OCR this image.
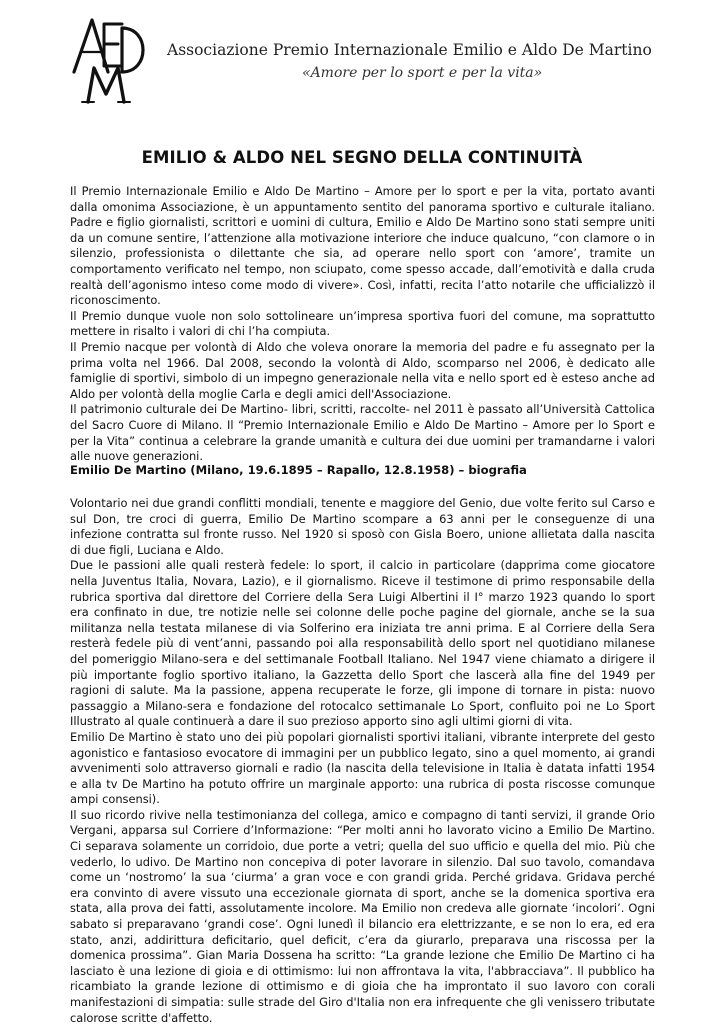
Associazione Premio Internazionale Emilio e Aldo De Martino
«Amore per lo sport e per la vita»
EMILIO & ALDO NEL SEGNO DELLA CONTINUITÀ

Il Premio Internazionale Emilio e Aldo De Martino – Amore per lo sport e per la vita, portato avanti dalla omonima Associazione, è un appuntamento sentito del panorama sportivo e culturale italiano. Padre e figlio giornalisti, scrittori e uomini di cultura, Emilio e Aldo De Martino sono stati sempre uniti da un comune sentire, l’attenzione alla motivazione interiore che induce qualcuno, “con clamore o in silenzio, professionista o dilettante che sia, ad operare nello sport con ‘amore’, tramite un comportamento verificato nel tempo, non sciupato, come spesso accade, dall’emotività e dalla cruda realtà dell’agonismo inteso come modo di vivere». Così, infatti, recita l’atto notarile che ufficializzò il riconoscimento.

Il Premio dunque vuole non solo sottolineare un’impresa sportiva fuori del comune, ma soprattutto mettere in risalto i valori di chi l’ha compiuta.

Il Premio nacque per volontà di Aldo che voleva onorare la memoria del padre e fu assegnato per la prima volta nel 1966. Dal 2008, secondo la volontà di Aldo, scomparso nel 2006, è dedicato alle famiglie di sportivi, simbolo di un impegno generazionale nella vita e nello sport ed è esteso anche ad Aldo per volontà della moglie Carla e degli amici dell'Associazione.

Il patrimonio culturale dei De Martino- libri, scritti, raccolte- nel 2011 è passato all’Università Cattolica del Sacro Cuore di Milano. Il “Premio Internazionale Emilio e Aldo De Martino – Amore per lo Sport e per la Vita” continua a celebrare la grande umanità e cultura dei due uomini per tramandarne i valori alle nuove generazioni.

Emilio De Martino (Milano, 19.6.1895 – Rapallo, 12.8.1958) – biografia

Volontario nei due grandi conflitti mondiali, tenente e maggiore del Genio, due volte ferito sul Carso e sul Don, tre croci di guerra, Emilio De Martino scompare a 63 anni per le conseguenze di una infezione contratta sul fronte russo. Nel 1920 si sposò con Gisla Boero, unione allietata dalla nascita di due figli, Luciana e Aldo.

Due le passioni alle quali resterà fedele: lo sport, il calcio in particolare (dapprima come giocatore nella Juventus Italia, Novara, Lazio), e il giornalismo. Riceve il testimone di primo responsabile della rubrica sportiva dal direttore del Corriere della Sera Luigi Albertini il I° marzo 1923 quando lo sport era confinato in due, tre notizie nelle sei colonne delle poche pagine del giornale, anche se la sua militanza nella testata milanese di via Solferino era iniziata tre anni prima. E al Corriere della Sera resterà fedele più di vent’anni, passando poi alla responsabilità dello sport nel quotidiano milanese del pomeriggio Milano-sera e del settimanale Football Italiano. Nel 1947 viene chiamato a dirigere il più importante foglio sportivo italiano, la Gazzetta dello Sport che lascerà alla fine del 1949 per ragioni di salute. Ma la passione, appena recuperate le forze, gli impone di tornare in pista: nuovo passaggio a Milano-sera e fondazione del rotocalco settimanale Lo Sport, confluito poi ne Lo Sport Illustrato al quale continuerà a dare il suo prezioso apporto sino agli ultimi giorni di vita.

Emilio De Martino è stato uno dei più popolari giornalisti sportivi italiani, vibrante interprete del gesto agonistico e fantasioso evocatore di immagini per un pubblico legato, sino a quel momento, ai grandi avvenimenti solo attraverso giornali e radio (la nascita della televisione in Italia è datata infatti 1954 e alla tv De Martino ha potuto offrire un marginale apporto: una rubrica di posta riscosse comunque ampi consensi).

Il suo ricordo rivive nella testimonianza del collega, amico e compagno di tanti servizi, il grande Orio Vergani, apparsa sul Corriere d’Informazione: “Per molti anni ho lavorato vicino a Emilio De Martino. Ci separava solamente un corridoio, due porte a vetri; quella del suo ufficio e quella del mio. Più che vederlo, lo udivo. De Martino non concepiva di poter lavorare in silenzio. Dal suo tavolo, comandava come un ‘nostromo’ la sua ‘ciurma’ a gran voce e con grandi grida. Perché gridava. Gridava perché era convinto di avere vissuto una eccezionale giornata di sport, anche se la domenica sportiva era stata, alla prova dei fatti, assolutamente incolore. Ma Emilio non credeva alle giornate ‘incolori’. Ogni sabato si preparavano ‘grandi cose’. Ogni lunedì il bilancio era elettrizzante, e se non lo era, ed era stato, anzi, addirittura deficitario, quel deficit, c’era da giurarlo, preparava una riscossa per la domenica prossima”. Gian Maria Dossena ha scritto: “La grande lezione che Emilio De Martino ci ha lasciato è una lezione di gioia e di ottimismo: lui non affrontava la vita, l'abbracciava”. Il pubblico ha ricambiato la grande lezione di ottimismo e di gioia che ha improntato il suo lavoro con corali manifestazioni di simpatia: sulle strade del Giro d'Italia non era infrequente che gli venissero tributate calorose scritte d'affetto.
